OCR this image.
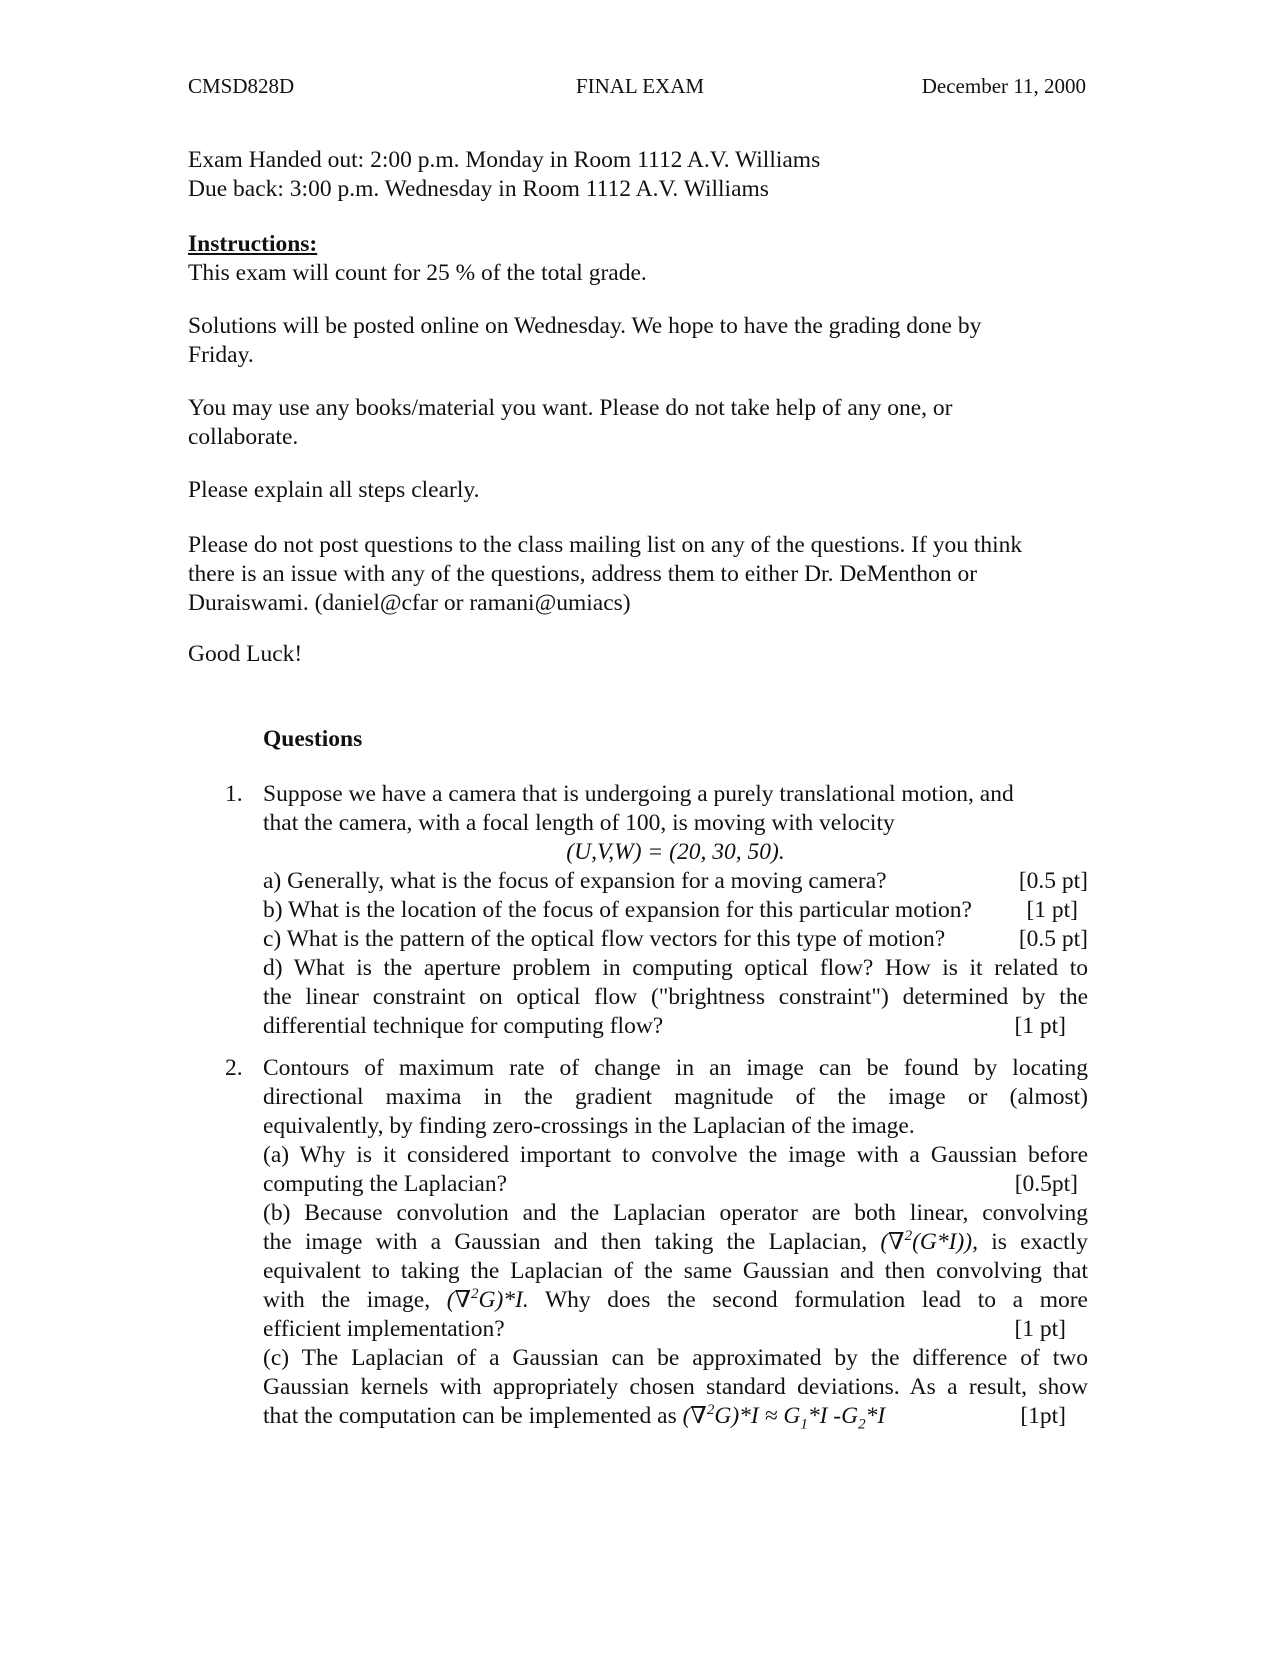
CMSD828D	FINAL EXAM	December 11, 2000
Exam Handed out: 2:00 p.m. Monday in Room 1112 A.V. Williams
Due back: 3:00 p.m. Wednesday in Room 1112 A.V. Williams
Instructions:
This exam will count for 25 % of the total grade.
Solutions will be posted online on Wednesday. We hope to have the grading done by
Friday.
You may use any books/material you want. Please do not take help of any one, or
collaborate.
Please explain all steps clearly.
Please do not post questions to the class mailing list on any of the questions. If you think
there is an issue with any of the questions, address them to either Dr. DeMenthon or
Duraiswami. (daniel@cfar or ramani@umiacs)
Good Luck!
Questions
1. Suppose we have a camera that is undergoing a purely translational motion, and
that the camera, with a focal length of 100, is moving with velocity
(U,V,W) = (20, 30, 50).
a) Generally, what is the focus of expansion for a moving camera?	[0.5 pt]
b) What is the location of the focus of expansion for this particular motion? [1 pt]
c) What is the pattern of the optical flow vectors for this type of motion?	[0.5 pt]
d) What is the aperture problem in computing optical flow? How is it related to
the linear constraint on optical flow ("brightness constraint") determined by the
differential technique for computing flow?	[1 pt]
2. Contours of maximum rate of change in an image can be found by locating
directional maxima in the gradient magnitude of the image or (almost)
equivalently, by finding zero-crossings in the Laplacian of the image.
(a) Why is it considered important to convolve the image with a Gaussian before
computing the Laplacian?	[0.5pt]
(b) Because convolution and the Laplacian operator are both linear, convolving
the image with a Gaussian and then taking the Laplacian, (∇$^2$(G*I)), is exactly
equivalent to taking the Laplacian of the same Gaussian and then convolving that
with the image, (∇$^2$G)*I. Why does the second formulation lead to a more
efficient implementation?	[1 pt]
(c) The Laplacian of a Gaussian can be approximated by the difference of two
Gaussian kernels with appropriately chosen standard deviations. As a result, show
that the computation can be implemented as $(\nabla^2G)*I \approx G_1*I$ $-G_2*I$	[1pt]
